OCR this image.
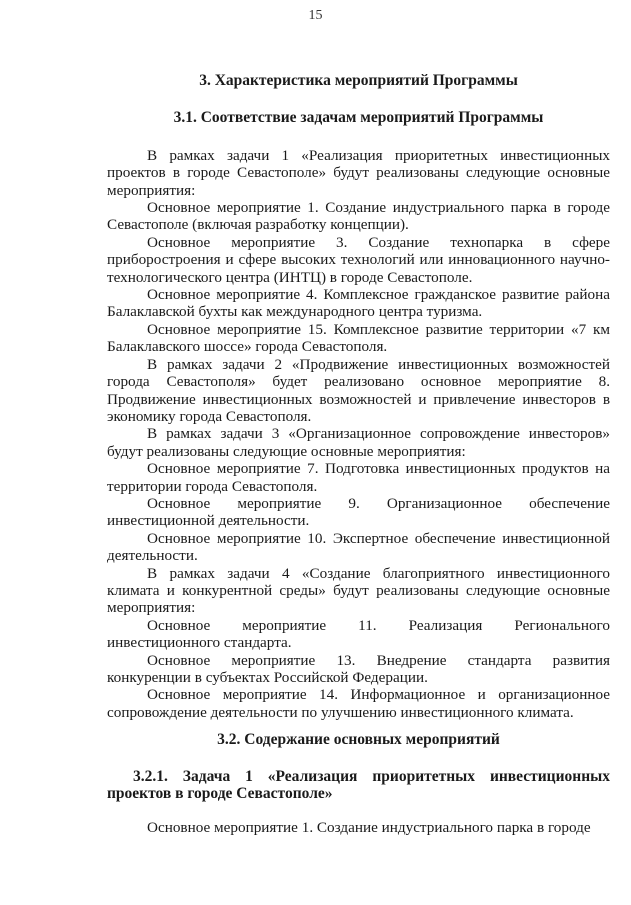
15
3. Характеристика мероприятий Программы
3.1. Соответствие задачам мероприятий Программы

В рамках задачи 1 «Реализация приоритетных инвестиционных проектов в городе Севастополе» будут реализованы следующие основные мероприятия:

Основное мероприятие 1. Создание индустриального парка в городе Севастополе (включая разработку концепции).

Основное мероприятие 3. Создание технопарка в сфере приборостроения и сфере высоких технологий или инновационного научно-технологического центра (ИНТЦ) в городе Севастополе.

Основное мероприятие 4. Комплексное гражданское развитие района Балаклавской бухты как международного центра туризма.

Основное мероприятие 15. Комплексное развитие территории «7 км Балаклавского шоссе» города Севастополя.

В рамках задачи 2 «Продвижение инвестиционных возможностей города Севастополя» будет реализовано основное мероприятие 8. Продвижение инвестиционных возможностей и привлечение инвесторов в экономику города Севастополя.

В рамках задачи 3 «Организационное сопровождение инвесторов» будут реализованы следующие основные мероприятия:

Основное мероприятие 7. Подготовка инвестиционных продуктов на территории города Севастополя.

Основное мероприятие 9. Организационное обеспечение инвестиционной деятельности.

Основное мероприятие 10. Экспертное обеспечение инвестиционной деятельности.

В рамках задачи 4 «Создание благоприятного инвестиционного климата и конкурентной среды» будут реализованы следующие основные мероприятия:

Основное мероприятие 11. Реализация Регионального инвестиционного стандарта.

Основное мероприятие 13. Внедрение стандарта развития конкуренции в субъектах Российской Федерации.

Основное мероприятие 14. Информационное и организационное сопровождение деятельности по улучшению инвестиционного климата.

3.2. Содержание основных мероприятий
3.2.1. Задача 1 «Реализация приоритетных инвестиционных проектов в городе Севастополе»

Основное мероприятие 1. Создание индустриального парка в городе
